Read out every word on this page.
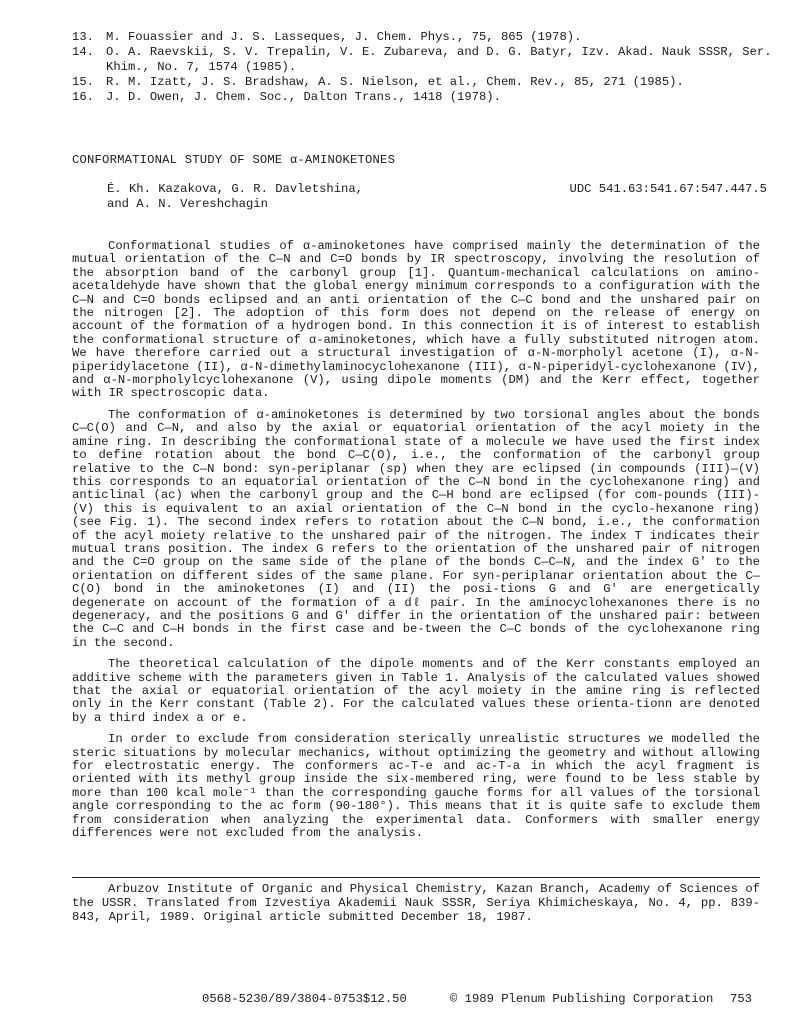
13. M. Fouassier and J. S. Lasseques, J. Chem. Phys., 75, 865 (1978).
14. O. A. Raevskii, S. V. Trepalin, V. E. Zubareva, and D. G. Batyr, Izv. Akad. Nauk SSSR, Ser. Khim., No. 7, 1574 (1985).
15. R. M. Izatt, J. S. Bradshaw, A. S. Nielson, et al., Chem. Rev., 85, 271 (1985).
16. J. D. Owen, J. Chem. Soc., Dalton Trans., 1418 (1978).
CONFORMATIONAL STUDY OF SOME α-AMINOKETONES
É. Kh. Kazakova, G. R. Davletshina,
and A. N. Vereshchagin
UDC 541.63:541.67:547.447.5

Conformational studies of α-aminoketones have comprised mainly the determination of the mutual orientation of the C—N and C=O bonds by IR spectroscopy, involving the resolution of the absorption band of the carbonyl group [1]. Quantum-mechanical calculations on amino-acetaldehyde have shown that the global energy minimum corresponds to a configuration with the C—N and C=O bonds eclipsed and an anti orientation of the C—C bond and the unshared pair on the nitrogen [2]. The adoption of this form does not depend on the release of energy on account of the formation of a hydrogen bond. In this connection it is of interest to establish the conformational structure of α-aminoketones, which have a fully substituted nitrogen atom. We have therefore carried out a structural investigation of α-N-morpholyl acetone (I), α-N-piperidylacetone (II), α-N-dimethylaminocyclohexanone (III), α-N-piperidyl-cyclohexanone (IV), and α-N-morpholylcyclohexanone (V), using dipole moments (DM) and the Kerr effect, together with IR spectroscopic data.

The conformation of α-aminoketones is determined by two torsional angles about the bonds C—C(O) and C—N, and also by the axial or equatorial orientation of the acyl moiety in the amine ring. In describing the conformational state of a molecule we have used the first index to define rotation about the bond C—C(O), i.e., the conformation of the carbonyl group relative to the C—N bond: syn-periplanar (sp) when they are eclipsed (in compounds (III)—(V) this corresponds to an equatorial orientation of the C—N bond in the cyclohexanone ring) and anticlinal (ac) when the carbonyl group and the C—H bond are eclipsed (for com-pounds (III)-(V) this is equivalent to an axial orientation of the C—N bond in the cyclo-hexanone ring) (see Fig. 1). The second index refers to rotation about the C—N bond, i.e., the conformation of the acyl moiety relative to the unshared pair of the nitrogen. The index T indicates their mutual trans position. The index G refers to the orientation of the unshared pair of nitrogen and the C=O group on the same side of the plane of the bonds C—C—N, and the index G' to the orientation on different sides of the same plane. For syn-periplanar orientation about the C—C(O) bond in the aminoketones (I) and (II) the posi-tions G and G' are energetically degenerate on account of the formation of a dℓ pair. In the aminocyclohexanones there is no degeneracy, and the positions G and G' differ in the orientation of the unshared pair: between the C—C and C—H bonds in the first case and be-tween the C—C bonds of the cyclohexanone ring in the second.

The theoretical calculation of the dipole moments and of the Kerr constants employed an additive scheme with the parameters given in Table 1. Analysis of the calculated values showed that the axial or equatorial orientation of the acyl moiety in the amine ring is reflected only in the Kerr constant (Table 2). For the calculated values these orienta-tionn are denoted by a third index a or e.

In order to exclude from consideration sterically unrealistic structures we modelled the steric situations by molecular mechanics, without optimizing the geometry and without allowing for electrostatic energy. The conformers ac-T-e and ac-T-a in which the acyl fragment is oriented with its methyl group inside the six-membered ring, were found to be less stable by more than 100 kcal mole⁻¹ than the corresponding gauche forms for all values of the torsional angle corresponding to the ac form (90-180°). This means that it is quite safe to exclude them from consideration when analyzing the experimental data. Conformers with smaller energy differences were not excluded from the analysis.

Arbuzov Institute of Organic and Physical Chemistry, Kazan Branch, Academy of Sciences of the USSR. Translated from Izvestiya Akademii Nauk SSSR, Seriya Khimicheskaya, No. 4, pp. 839-843, April, 1989. Original article submitted December 18, 1987.
0568-5230/89/3804-0753$12.50	© 1989 Plenum Publishing Corporation 753
